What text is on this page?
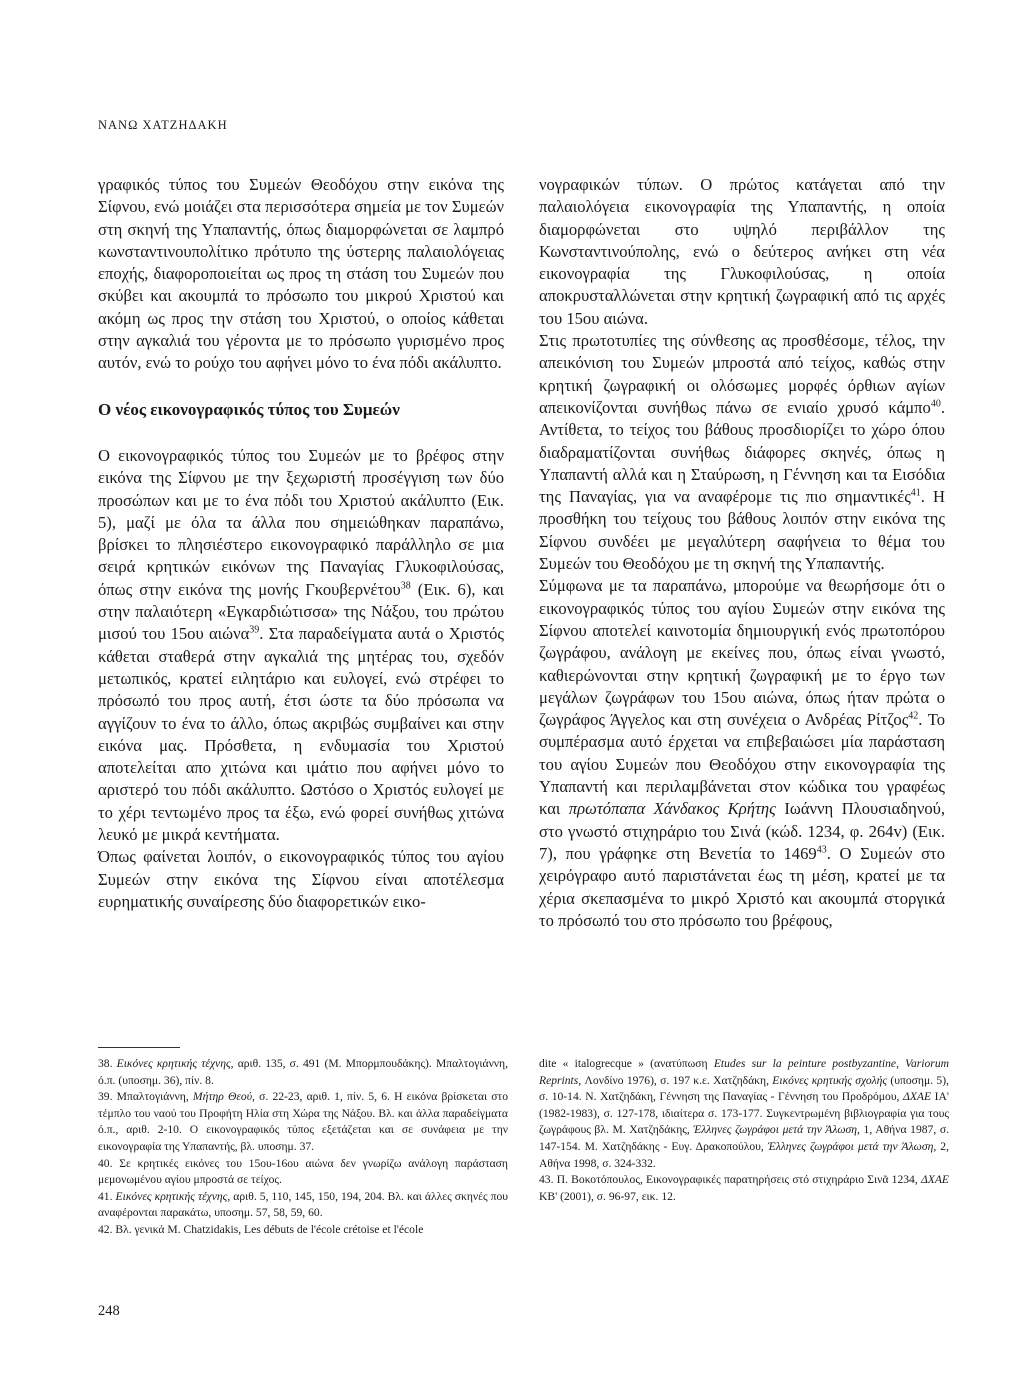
ΝΑΝΩ ΧΑΤΖΗΔΑΚΗ

γραφικός τύπος του Συμεών Θεοδόχου στην εικόνα της Σίφνου, ενώ μοιάζει στα περισσότερα σημεία με τον Συμεών στη σκηνή της Υπαπαντής, όπως διαμορφώνεται σε λαμπρό κωνσταντινουπολίτικο πρότυπο της ύστερης παλαιολόγειας εποχής, διαφοροποιείται ως προς τη στάση του Συμεών που σκύβει και ακουμπά το πρόσωπο του μικρού Χριστού και ακόμη ως προς την στάση του Χριστού, ο οποίος κάθεται στην αγκαλιά του γέροντα με το πρόσωπο γυρισμένο προς αυτόν, ενώ το ρούχο του αφήνει μόνο το ένα πόδι ακάλυπτο.

Ο νέος εικονογραφικός τύπος του Συμεών

Ο εικονογραφικός τύπος του Συμεών με το βρέφος στην εικόνα της Σίφνου με την ξεχωριστή προσέγγιση των δύο προσώπων και με το ένα πόδι του Χριστού ακάλυπτο (Εικ. 5), μαζί με όλα τα άλλα που σημειώθηκαν παραπάνω, βρίσκει το πλησιέστερο εικονογραφικό παράλληλο σε μια σειρά κρητικών εικόνων της Παναγίας Γλυκοφιλούσας, όπως στην εικόνα της μονής Γκουβερνέτου$^{38}$ (Εικ. 6), και στην παλαιότερη «Εγκαρδιώτισσα» της Νάξου, του πρώτου μισού του 15ου αιώνα$^{39}$. Στα παραδείγματα αυτά ο Χριστός κάθεται σταθερά στην αγκαλιά της μητέρας του, σχεδόν μετωπικός, κρατεί ειλητάριο και ευλογεί, ενώ στρέφει το πρόσωπό του προς αυτή, έτσι ώστε τα δύο πρόσωπα να αγγίζουν το ένα το άλλο, όπως ακριβώς συμβαίνει και στην εικόνα μας. Πρόσθετα, η ενδυμασία του Χριστού αποτελείται απο χιτώνα και ιμάτιο που αφήνει μόνο το αριστερό του πόδι ακάλυπτο. Ωστόσο ο Χριστός ευλογεί με το χέρι τεντωμένο προς τα έξω, ενώ φορεί συνήθως χιτώνα λευκό με μικρά κεντήματα.

Όπως φαίνεται λοιπόν, ο εικονογραφικός τύπος του αγίου Συμεών στην εικόνα της Σίφνου είναι αποτέλεσμα ευρηματικής συναίρεσης δύο διαφορετικών εικο-

νογραφικών τύπων. Ο πρώτος κατάγεται από την παλαιολόγεια εικονογραφία της Υπαπαντής, η οποία διαμορφώνεται στο υψηλό περιβάλλον της Κωνσταντινούπολης, ενώ ο δεύτερος ανήκει στη νέα εικονογραφία της Γλυκοφιλούσας, η οποία αποκρυσταλλώνεται στην κρητική ζωγραφική από τις αρχές του 15ου αιώνα.

Στις πρωτοτυπίες της σύνθεσης ας προσθέσομε, τέλος, την απεικόνιση του Συμεών μπροστά από τείχος, καθώς στην κρητική ζωγραφική οι ολόσωμες μορφές όρθιων αγίων απεικονίζονται συνήθως πάνω σε ενιαίο χρυσό κάμπο$^{40}$. Αντίθετα, το τείχος του βάθους προσδιορίζει το χώρο όπου διαδραματίζονται συνήθως διάφορες σκηνές, όπως η Υπαπαντή αλλά και η Σταύρωση, η Γέννηση και τα Εισόδια της Παναγίας, για να αναφέρομε τις πιο σημαντικές$^{41}$. Η προσθήκη του τείχους του βάθους λοιπόν στην εικόνα της Σίφνου συνδέει με μεγαλύτερη σαφήνεια το θέμα του Συμεών του Θεοδόχου με τη σκηνή της Υπαπαντής.

Σύμφωνα με τα παραπάνω, μπορούμε να θεωρήσομε ότι ο εικονογραφικός τύπος του αγίου Συμεών στην εικόνα της Σίφνου αποτελεί καινοτομία δημιουργική ενός πρωτοπόρου ζωγράφου, ανάλογη με εκείνες που, όπως είναι γνωστό, καθιερώνονται στην κρητική ζωγραφική με το έργο των μεγάλων ζωγράφων του 15ου αιώνα, όπως ήταν πρώτα ο ζωγράφος Άγγελος και στη συνέχεια ο Ανδρέας Ρίτζος$^{42}$. Το συμπέρασμα αυτό έρχεται να επιβεβαιώσει μία παράσταση του αγίου Συμεών που Θεοδόχου στην εικονογραφία της Υπαπαντή και περιλαμβάνεται στον κώδικα του γραφέως και πρωτόπαπα Χάνδακος Κρήτης Ιωάννη Πλουσιαδηνού, στο γνωστό στιχηράριο του Σινά (κώδ. 1234, φ. 264v) (Εικ. 7), που γράφηκε στη Βενετία το 1469$^{43}$. Ο Συμεών στο χειρόγραφο αυτό παριστάνεται έως τη μέση, κρατεί με τα χέρια σκεπασμένα το μικρό Χριστό και ακουμπά στοργικά το πρόσωπό του στο πρόσωπο του βρέφους,

38. Εικόνες κρητικής τέχνης, αριθ. 135, σ. 491 (Μ. Μπορμπουδάκης). Μπαλτογιάννη, ό.π. (υποσημ. 36), πίν. 8.

39. Μπαλτογιάννη, Μήτηρ Θεού, σ. 22-23, αριθ. 1, πίν. 5, 6. Η εικόνα βρίσκεται στο τέμπλο του ναού του Προφήτη Ηλία στη Χώρα της Νάξου. Βλ. και άλλα παραδείγματα ό.π., αριθ. 2-10. Ο εικονογραφικός τύπος εξετάζεται και σε συνάφεια με την εικονογραφία της Υπαπαντής, βλ. υποσημ. 37.

40. Σε κρητικές εικόνες του 15ου-16ου αιώνα δεν γνωρίζω ανάλογη παράσταση μεμονωμένου αγίου μπροστά σε τείχος.

41. Εικόνες κρητικής τέχνης, αριθ. 5, 110, 145, 150, 194, 204. Βλ. και άλλες σκηνές που αναφέρονται παρακάτω, υποσημ. 57, 58, 59, 60.

42. Βλ. γενικά Μ. Chatzidakis, Les débuts de l'école crétoise et l'école

dite « italogrecque » (ανατύπωση Etudes sur la peinture postbyzantine, Variorum Reprints, Λονδίνο 1976), σ. 197 κ.ε. Χατζηδάκη, Εικόνες κρητικής σχολής (υποσημ. 5), σ. 10-14. Ν. Χατζηδάκη, Γέννηση της Παναγίας - Γέννηση του Προδρόμου, ΔΧΑΕ ΙΑ' (1982-1983), σ. 127-178, ιδιαίτερα σ. 173-177. Συγκεντρωμένη βιβλιογραφία για τους ζωγράφους βλ. Μ. Χατζηδάκης, Έλληνες ζωγράφοι μετά την Άλωση, 1, Αθήνα 1987, σ. 147-154. Μ. Χατζηδάκης - Ευγ. Δρακοπούλου, Έλληνες ζωγράφοι μετά την Άλωση, 2, Αθήνα 1998, σ. 324-332.

43. Π. Βοκοτόπουλος, Εικονογραφικές παρατηρήσεις στό στιχηράριο Σινᾶ 1234, ΔΧΑΕ ΚΒ' (2001), σ. 96-97, εικ. 12.

248
